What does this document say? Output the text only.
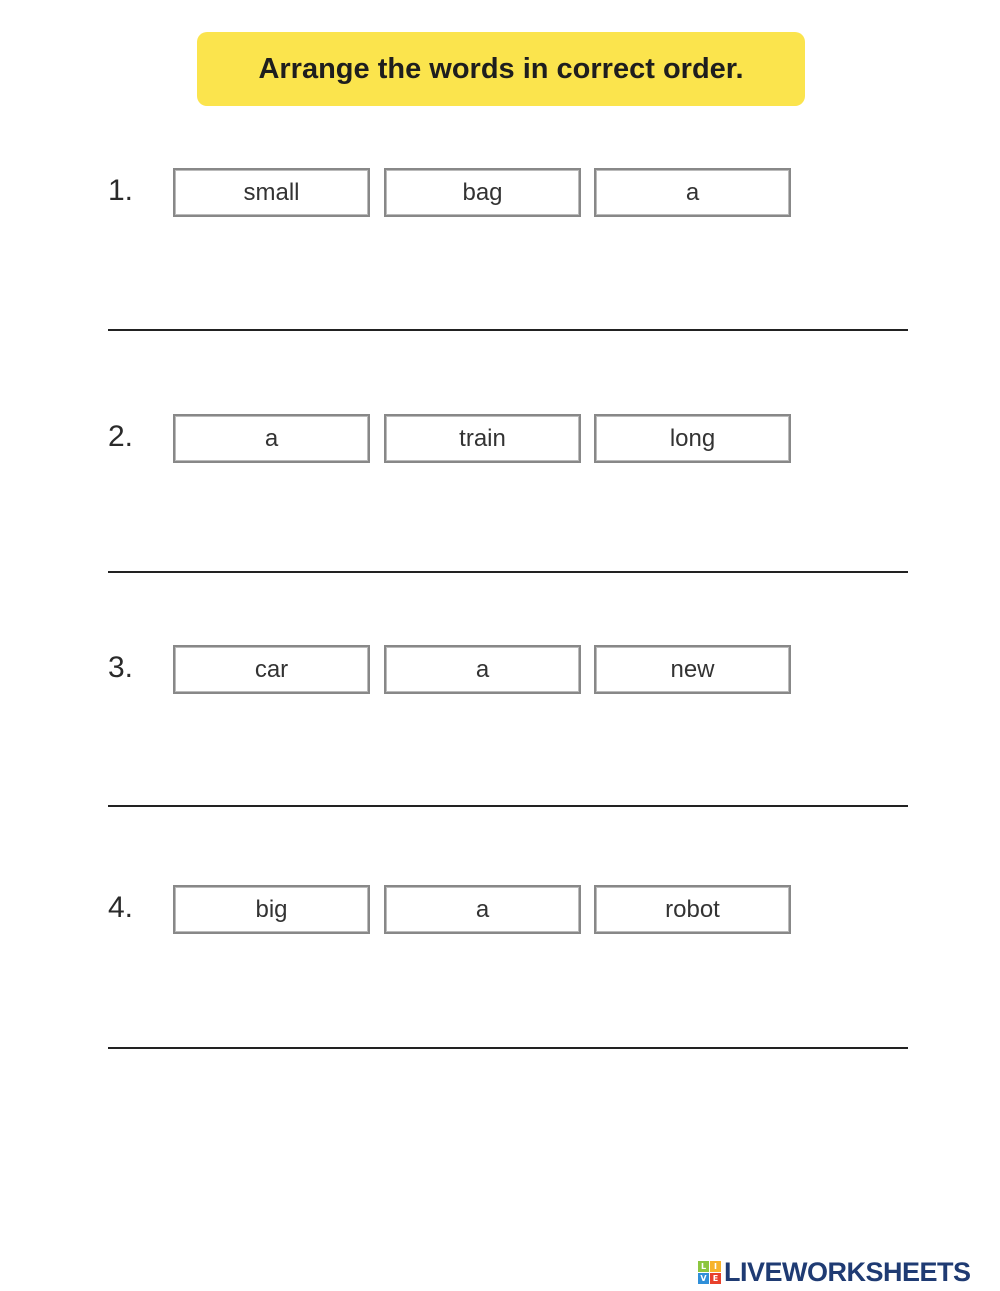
Arrange the words in correct order.
1.	small	bag	a
2.	a	train	long
3.	car	a	new
4.	big	a	robot
L I
V E LIVEWORKSHEETS
